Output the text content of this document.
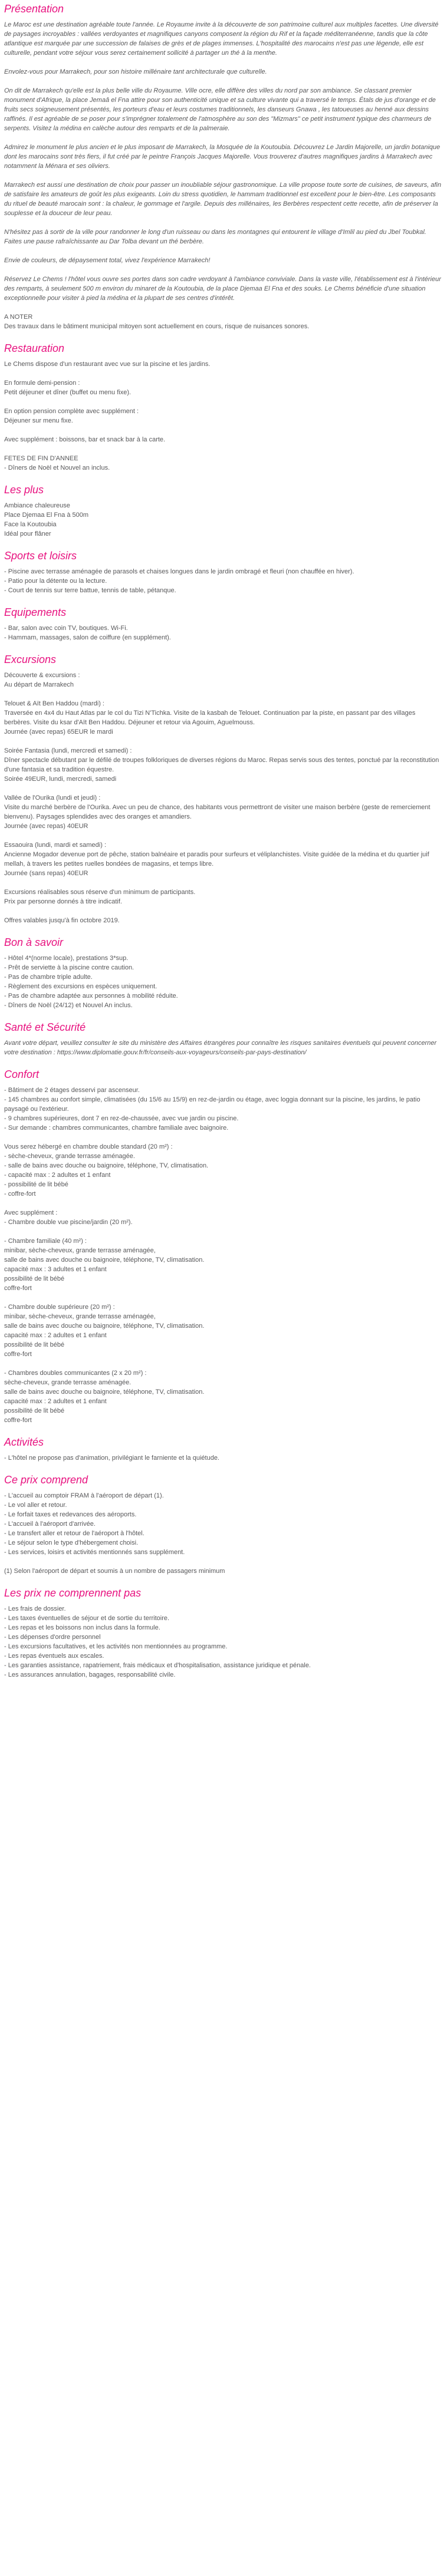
Présentation

Le Maroc est une destination agréable toute l'année. Le Royaume invite à la découverte de son patrimoine culturel aux multiples facettes. Une diversité de paysages incroyables : vallées verdoyantes et magnifiques canyons composent la région du Rif et la façade méditerranéenne, tandis que la côte atlantique est marquée par une succession de falaises de grès et de plages immenses. L'hospitalité des marocains n'est pas une légende, elle est culturelle, pendant votre séjour vous serez certainement sollicité à partager un thé à la menthe.

Envolez-vous pour Marrakech, pour son histoire millénaire tant architecturale que culturelle.

On dit de Marrakech qu'elle est la plus belle ville du Royaume. Ville ocre, elle diffère des villes du nord par son ambiance. Se classant premier monument d'Afrique, la place Jemaâ el Fna attire pour son authenticité unique et sa culture vivante qui a traversé le temps. Étals de jus d'orange et de fruits secs soigneusement présentés, les porteurs d'eau et leurs costumes traditionnels, les danseurs Gnawa , les tatoueuses au henné aux dessins raffinés. Il est agréable de se poser pour s'imprégner totalement de l'atmosphère au son des "Mizmars" ce petit instrument typique des charmeurs de serpents. Visitez la médina en calèche autour des remparts et de la palmeraie.

Admirez le monument le plus ancien et le plus imposant de Marrakech, la Mosquée de la Koutoubia. Découvrez Le Jardin Majorelle, un jardin botanique dont les marocains sont très fiers, il fut créé par le peintre François Jacques Majorelle. Vous trouverez d'autres magnifiques jardins à Marrakech avec notamment la Ménara et ses oliviers.

Marrakech est aussi une destination de choix pour passer un inoubliable séjour gastronomique. La ville propose toute sorte de cuisines, de saveurs, afin de satisfaire les amateurs de goût les plus exigeants. Loin du stress quotidien, le hammam traditionnel est excellent pour le bien-être. Les composants du rituel de beauté marocain sont : la chaleur, le gommage et l'argile. Depuis des millénaires, les Berbères respectent cette recette, afin de préserver la souplesse et la douceur de leur peau.

N'hésitez pas à sortir de la ville pour randonner le long d'un ruisseau ou dans les montagnes qui entourent le village d'Imlil au pied du Jbel Toubkal. Faites une pause rafraîchissante au Dar Tolba devant un thé berbère.

Envie de couleurs, de dépaysement total, vivez l'expérience Marrakech!

Réservez Le Chems ! l'hôtel vous ouvre ses portes dans son cadre verdoyant à l'ambiance conviviale. Dans la vaste ville, l'établissement est à l'intérieur des remparts, à seulement 500 m environ du minaret de la Koutoubia, de la place Djemaa El Fna et des souks. Le Chems bénéficie d'une situation exceptionnelle pour visiter à pied la médina et la plupart de ses centres d'intérêt.

A NOTER
Des travaux dans le bâtiment municipal mitoyen sont actuellement en cours, risque de nuisances sonores.
Restauration
Le Chems dispose d'un restaurant avec vue sur la piscine et les jardins.
En formule demi-pension :
Petit déjeuner et dîner (buffet ou menu fixe).
En option pension complète avec supplément :
Déjeuner sur menu fixe.
Avec supplément : boissons, bar et snack bar à la carte.
FETES DE FIN D'ANNEE
- Dîners de Noël et Nouvel an inclus.
Les plus
Ambiance chaleureuse
Place Djemaa El Fna à 500m
Face la Koutoubia
Idéal pour flâner
Sports et loisirs
- Piscine avec terrasse aménagée de parasols et chaises longues dans le jardin ombragé et fleuri (non chauffée en hiver).
- Patio pour la détente ou la lecture.
- Court de tennis sur terre battue, tennis de table, pétanque.
Equipements
- Bar, salon avec coin TV, boutiques. Wi-Fi.
- Hammam, massages, salon de coiffure (en supplément).
Excursions
Découverte & excursions :
Au départ de Marrakech
Telouet & Aït Ben Haddou (mardi) :
Traversée en 4x4 du Haut Atlas par le col du Tizi N'Tichka. Visite de la kasbah de Telouet. Continuation par la piste, en passant par des villages berbères. Visite du ksar d'Aït Ben Haddou. Déjeuner et retour via Agouim, Aguelmouss.
Journée (avec repas) 65EUR le mardi
Soirée Fantasia (lundi, mercredi et samedi) :
Dîner spectacle débutant par le défilé de troupes folkloriques de diverses régions du Maroc. Repas servis sous des tentes, ponctué par la reconstitution d'une fantasia et sa tradition équestre.
Soirée 49EUR, lundi, mercredi, samedi
Vallée de l'Ourika (lundi et jeudi) :
Visite du marché berbère de l'Ourika. Avec un peu de chance, des habitants vous permettront de visiter une maison berbère (geste de remerciement bienvenu). Paysages splendides avec des oranges et amandiers.
Journée (avec repas) 40EUR
Essaouira (lundi, mardi et samedi) :
Ancienne Mogador devenue port de pêche, station balnéaire et paradis pour surfeurs et véliplanchistes. Visite guidée de la médina et du quartier juif mellah, à travers les petites ruelles bondées de magasins, et temps libre.
Journée (sans repas) 40EUR
Excursions réalisables sous réserve d'un minimum de participants.
Prix par personne donnés à titre indicatif.
Offres valables jusqu'à fin octobre 2019.
Bon à savoir
- Hôtel 4*(norme locale), prestations 3*sup.
- Prêt de serviette à la piscine contre caution.
- Pas de chambre triple adulte.
- Règlement des excursions en espèces uniquement.
- Pas de chambre adaptée aux personnes à mobilité réduite.
- Dîners de Noël (24/12) et Nouvel An inclus.
Santé et Sécurité

Avant votre départ, veuillez consulter le site du ministère des Affaires étrangères pour connaître les risques sanitaires éventuels qui peuvent concerner votre destination : https://www.diplomatie.gouv.fr/fr/conseils-aux-voyageurs/conseils-par-pays-destination/

Confort
- Bâtiment de 2 étages desservi par ascenseur.
- 145 chambres au confort simple, climatisées (du 15/6 au 15/9) en rez-de-jardin ou étage, avec loggia donnant sur la piscine, les jardins, le patio paysagé ou l'extérieur.
- 9 chambres supérieures, dont 7 en rez-de-chaussée, avec vue jardin ou piscine.
- Sur demande : chambres communicantes, chambre familiale avec baignoire.
Vous serez hébergé en chambre double standard (20 m²) :
- sèche-cheveux, grande terrasse aménagée.
- salle de bains avec douche ou baignoire, téléphone, TV, climatisation.
- capacité max : 2 adultes et 1 enfant
- possibilité de lit bébé
- coffre-fort
Avec supplément :
- Chambre double vue piscine/jardin (20 m²).
- Chambre familiale (40 m²) :
minibar, sèche-cheveux, grande terrasse aménagée,
salle de bains avec douche ou baignoire, téléphone, TV, climatisation.
capacité max : 3 adultes et 1 enfant
possibilité de lit bébé
coffre-fort
- Chambre double supérieure (20 m²) :
minibar, sèche-cheveux, grande terrasse aménagée,
salle de bains avec douche ou baignoire, téléphone, TV, climatisation.
capacité max : 2 adultes et 1 enfant
possibilité de lit bébé
coffre-fort
- Chambres doubles communicantes (2 x 20 m²) :
sèche-cheveux, grande terrasse aménagée.
salle de bains avec douche ou baignoire, téléphone, TV, climatisation.
capacité max : 2 adultes et 1 enfant
possibilité de lit bébé
coffre-fort
Activités
- L'hôtel ne propose pas d'animation, privilégiant le farniente et la quiétude.
Ce prix comprend
- L'accueil au comptoir FRAM à l'aéroport de départ (1).
- Le vol aller et retour.
- Le forfait taxes et redevances des aéroports.
- L'accueil à l'aéroport d'arrivée.
- Le transfert aller et retour de l'aéroport à l'hôtel.
- Le séjour selon le type d'hébergement choisi.
- Les services, loisirs et activités mentionnés sans supplément.
(1) Selon l'aéroport de départ et soumis à un nombre de passagers minimum
Les prix ne comprennent pas
- Les frais de dossier.
- Les taxes éventuelles de séjour et de sortie du territoire.
- Les repas et les boissons non inclus dans la formule.
- Les dépenses d'ordre personnel
- Les excursions facultatives, et les activités non mentionnées au programme.
- Les repas éventuels aux escales.
- Les garanties assistance, rapatriement, frais médicaux et d'hospitalisation, assistance juridique et pénale.
- Les assurances annulation, bagages, responsabilité civile.
